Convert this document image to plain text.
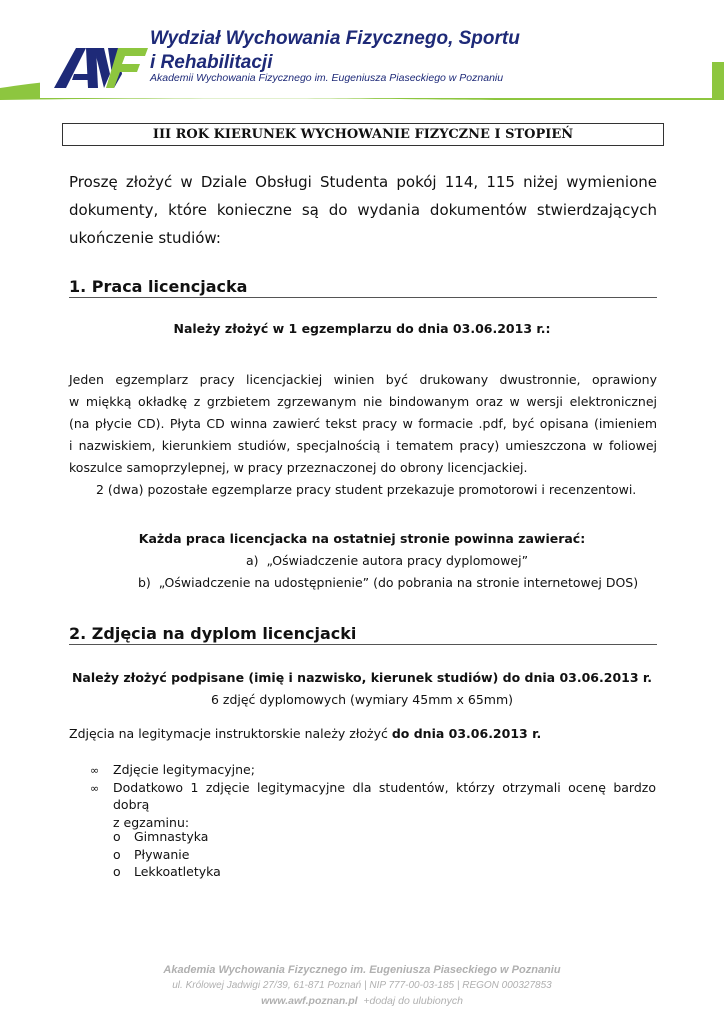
Wydział Wychowania Fizycznego, Sportu
i Rehabilitacji
Akademii Wychowania Fizycznego im. Eugeniusza Piaseckiego w Poznaniu
III ROK KIERUNEK WYCHOWANIE FIZYCZNE I STOPIEŃ
Proszę złożyć w Dziale Obsługi Studenta pokój 114, 115 niżej wymienione
dokumenty, które konieczne są do wydania dokumentów stwierdzających
ukończenie studiów:
1. Praca licencjacka
Należy złożyć w 1 egzemplarzu do dnia 03.06.2013 r.:
Jeden egzemplarz pracy licencjackiej winien być drukowany dwustronnie, oprawiony
w miękką okładkę z grzbietem zgrzewanym nie bindowanym oraz w wersji elektronicznej
(na płycie CD). Płyta CD winna zawierć tekst pracy w formacie .pdf, być opisana (imieniem
i nazwiskiem, kierunkiem studiów, specjalnością i tematem pracy) umieszczona w foliowej
koszulce samoprzylepnej, w pracy przeznaczonej do obrony licencjackiej.
2 (dwa) pozostałe egzemplarze pracy student przekazuje promotorowi i recenzentowi.
Każda praca licencjacka na ostatniej stronie powinna zawierać:
a) „Oświadczenie autora pracy dyplomowej”
b) „Oświadczenie na udostępnienie” (do pobrania na stronie internetowej DOS)
2. Zdjęcia na dyplom licencjacki
Należy złożyć podpisane (imię i nazwisko, kierunek studiów) do dnia 03.06.2013 r.
6 zdjęć dyplomowych (wymiary 45mm x 65mm)
Zdjęcia na legitymacje instruktorskie należy złożyć do dnia 03.06.2013 r.
∞ Zdjęcie legitymacyjne;
∞ Dodatkowo 1 zdjęcie legitymacyjne dla studentów, którzy otrzymali ocenę bardzo
dobrą
z egzaminu:
o Gimnastyka
o Pływanie
o Lekkoatletyka
Akademia Wychowania Fizycznego im. Eugeniusza Piaseckiego w Poznaniu
ul. Królowej Jadwigi 27/39, 61-871 Poznań | NIP 777-00-03-185 | REGON 000327853
www.awf.poznan.pl +dodaj do ulubionych
